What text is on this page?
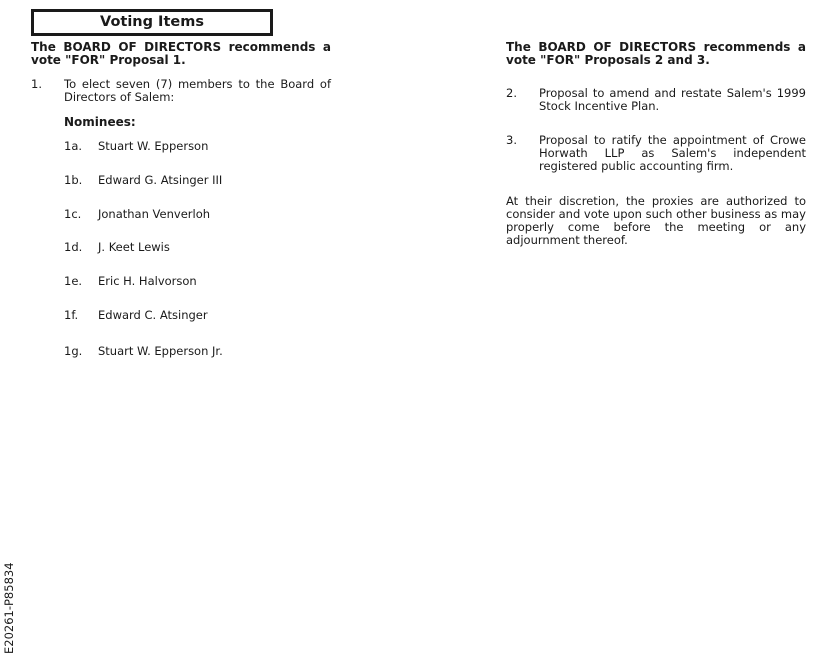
Voting Items
The BOARD OF DIRECTORS recommends a vote "FOR" Proposal 1.
1.	To elect seven (7) members to the Board of Directors of Salem:
Nominees:
1a.	Stuart W. Epperson
1b.	Edward G. Atsinger III
1c.	Jonathan Venverloh
1d.	J. Keet Lewis
1e.	Eric H. Halvorson
1f.	Edward C. Atsinger
1g.	Stuart W. Epperson Jr.
The BOARD OF DIRECTORS recommends a vote "FOR" Proposals 2 and 3.
2.	Proposal to amend and restate Salem's 1999 Stock Incentive Plan.
3.	Proposal to ratify the appointment of Crowe Horwath LLP as Salem's independent registered public accounting firm.
At their discretion, the proxies are authorized to consider and vote upon such other business as may properly come before the meeting or any adjournment thereof.
E20261-P85834
